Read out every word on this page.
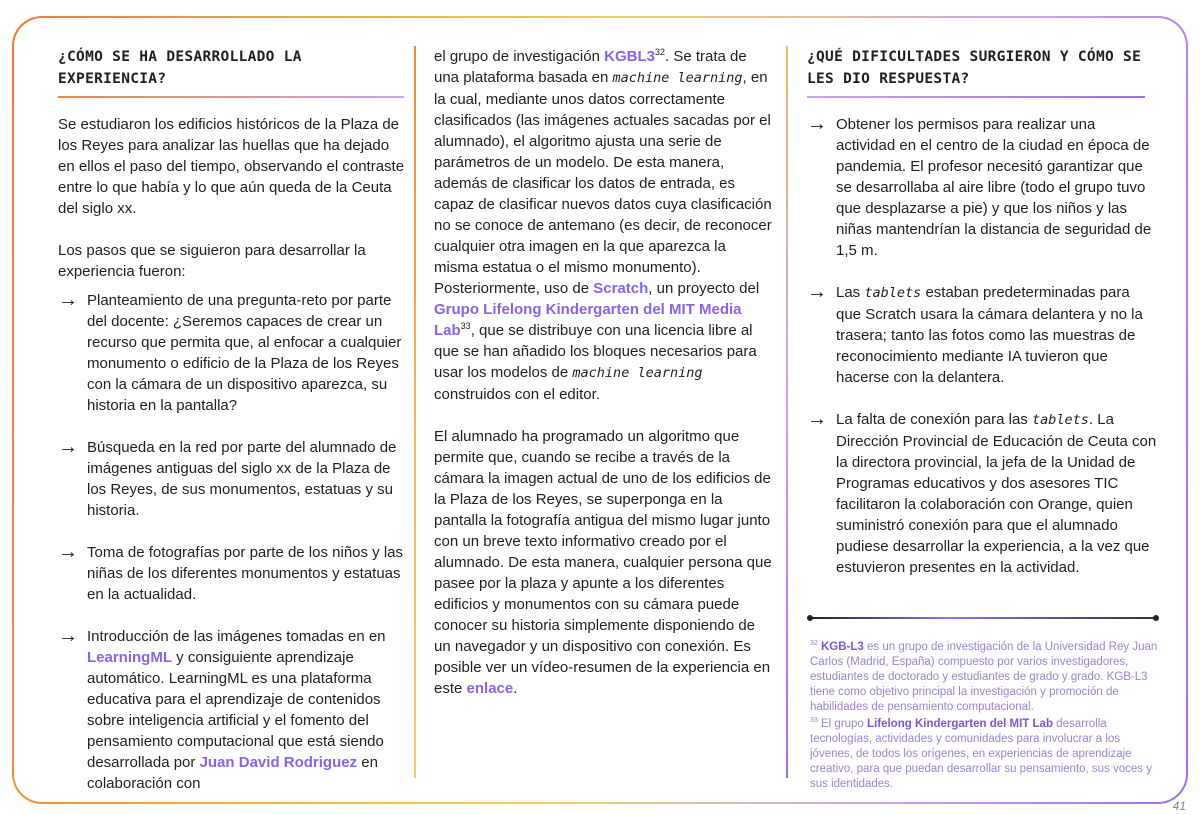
¿CÓMO SE HA DESARROLLADO LA EXPERIENCIA?

Se estudiaron los edificios históricos de la Plaza de los Reyes para analizar las huellas que ha dejado en ellos el paso del tiempo, observando el contraste entre lo que había y lo que aún queda de la Ceuta del siglo xx.

Los pasos que se siguieron para desarrollar la experiencia fueron:

→ Planteamiento de una pregunta-reto por parte del docente: ¿Seremos capaces de crear un recurso que permita que, al enfocar a cualquier monumento o edificio de la Plaza de los Reyes con la cámara de un dispositivo aparezca, su historia en la pantalla?
→ Búsqueda en la red por parte del alumnado de imágenes antiguas del siglo xx de la Plaza de los Reyes, de sus monumentos, estatuas y su historia.
→ Toma de fotografías por parte de los niños y las niñas de los diferentes monumentos y estatuas en la actualidad.
→ Introducción de las imágenes tomadas en en LearningML y consiguiente aprendizaje automático. LearningML es una plataforma educativa para el aprendizaje de contenidos sobre inteligencia artificial y el fomento del pensamiento computacional que está siendo desarrollada por Juan David Rodriguez en colaboración con

el grupo de investigación $KGBL3^{32}$. Se trata de una plataforma basada en machine learning, en la cual, mediante unos datos correctamente clasificados (las imágenes actuales sacadas por el alumnado), el algoritmo ajusta una serie de parámetros de un modelo. De esta manera, además de clasificar los datos de entrada, es capaz de clasificar nuevos datos cuya clasificación no se conoce de antemano (es decir, de reconocer cualquier otra imagen en la que aparezca la misma estatua o el mismo monumento). Posteriormente, uso de Scratch, un proyecto del Grupo Lifelong Kindergarten del MIT Media Lab$^{33}$, que se distribuye con una licencia libre al que se han añadido los bloques necesarios para usar los modelos de machine learning construidos con el editor.

El alumnado ha programado un algoritmo que permite que, cuando se recibe a través de la cámara la imagen actual de uno de los edificios de la Plaza de los Reyes, se superponga en la pantalla la fotografía antigua del mismo lugar junto con un breve texto informativo creado por el alumnado. De esta manera, cualquier persona que pasee por la plaza y apunte a los diferentes edificios y monumentos con su cámara puede conocer su historia simplemente disponiendo de un navegador y un dispositivo con conexión. Es posible ver un vídeo-resumen de la experiencia en este enlace.

¿QUÉ DIFICULTADES SURGIERON Y CÓMO SE LES DIO RESPUESTA?
→ Obtener los permisos para realizar una actividad en el centro de la ciudad en época de pandemia. El profesor necesitó garantizar que se desarrollaba al aire libre (todo el grupo tuvo que desplazarse a pie) y que los niños y las niñas mantendrían la distancia de seguridad de 1,5 m.
→ Las tablets estaban predeterminadas para que Scratch usara la cámara delantera y no la trasera; tanto las fotos como las muestras de reconocimiento mediante IA tuvieron que hacerse con la delantera.
→ La falta de conexión para las tablets. La Dirección Provincial de Educación de Ceuta con la directora provincial, la jefa de la Unidad de Programas educativos y dos asesores TIC facilitaron la colaboración con Orange, quien suministró conexión para que el alumnado pudiese desarrollar la experiencia, a la vez que estuvieron presentes en la actividad.
$^{32}$ KGB-L3 es un grupo de investigación de la Universidad Rey Juan Carlos (Madrid, España) compuesto por varios investigadores, estudiantes de doctorado y estudiantes de grado y grado. KGB-L3 tiene como objetivo principal la investigación y promoción de habilidades de pensamiento computacional.
$^{33}$ El grupo Lifelong Kindergarten del MIT Lab desarrolla tecnologías, actividades y comunidades para involucrar a los jóvenes, de todos los orígenes, en experiencias de aprendizaje creativo, para que puedan desarrollar su pensamiento, sus voces y sus identidades.
41
